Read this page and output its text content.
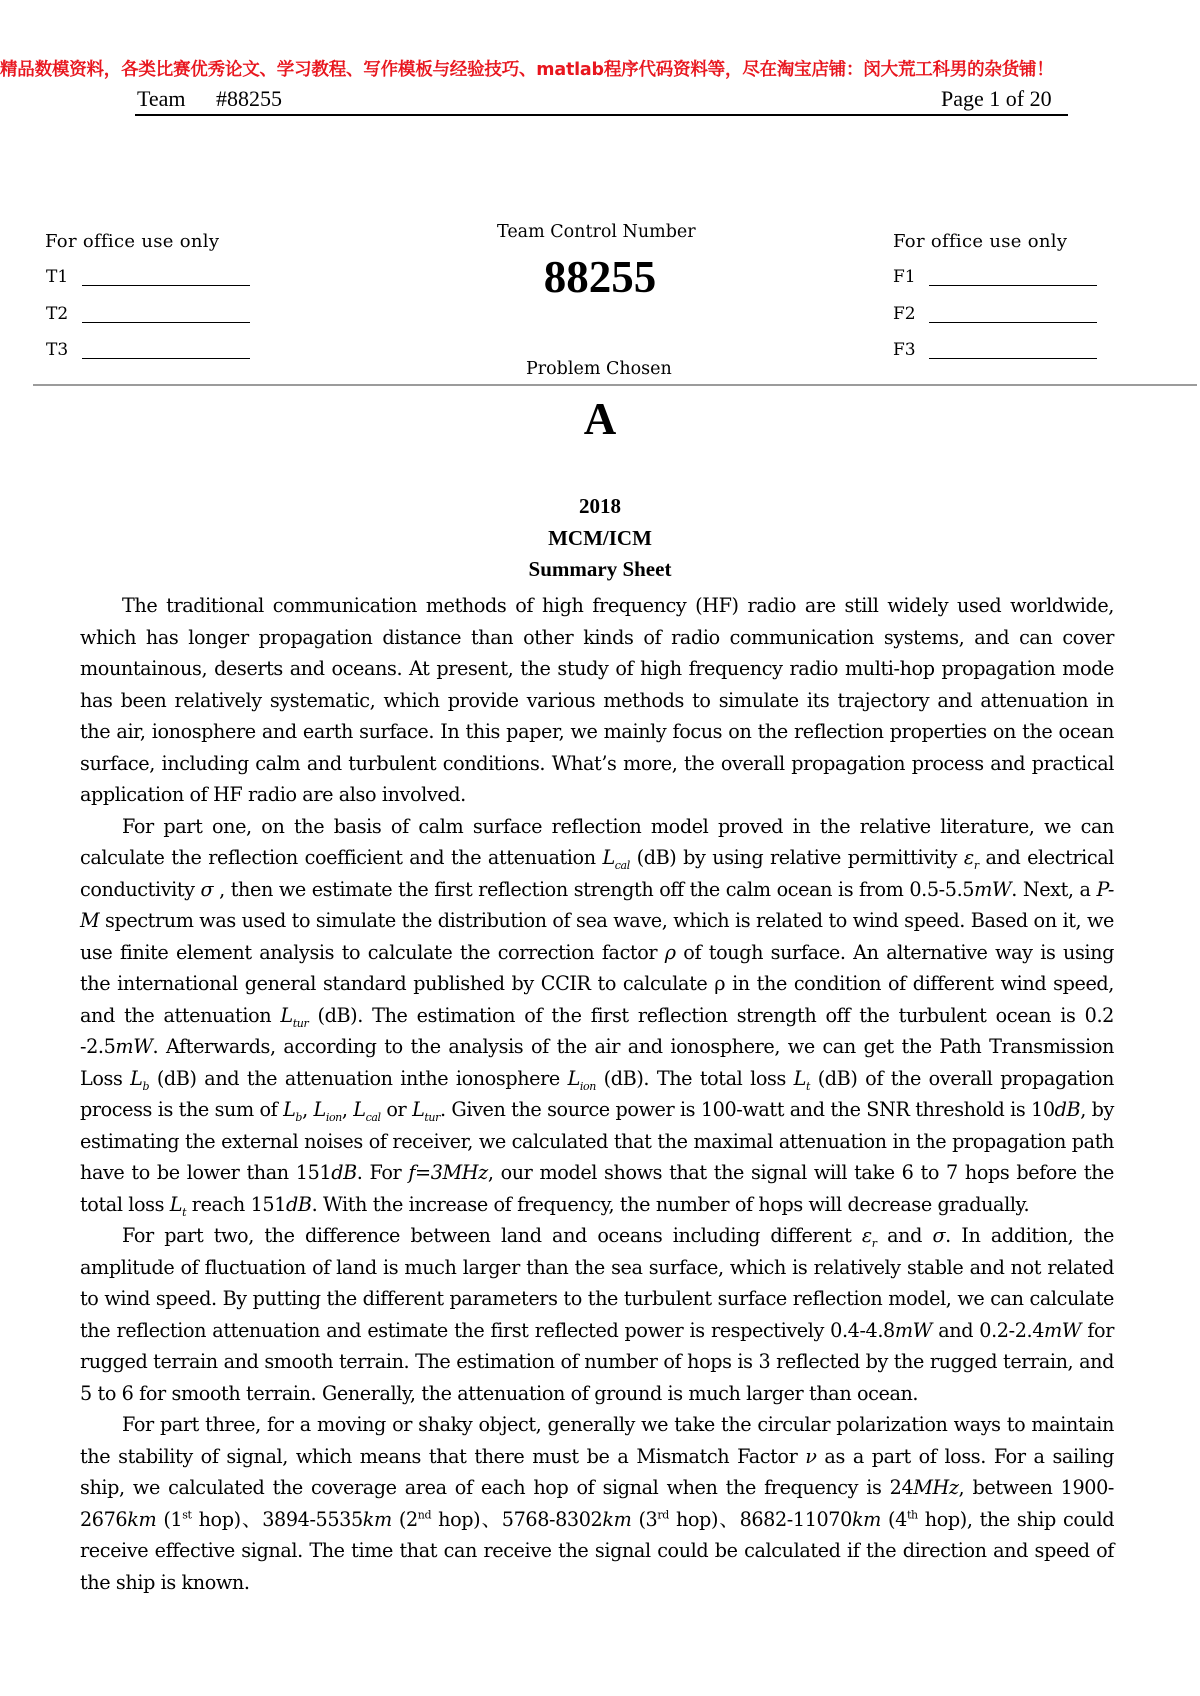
精品数模资料，各类比赛优秀论文、学习教程、写作模板与经验技巧、matlab程序代码资料等，尽在淘宝店铺：闵大荒工科男的杂货铺！
Team #88255	Page 1 of 20
For office use only
T1
T2
T3
Team Control Number
88255
Problem Chosen
For office use only
F1
F2
F3
A
2018
MCM/ICM
Summary Sheet

The traditional communication methods of high frequency (HF) radio are still widely used worldwide, which has longer propagation distance than other kinds of radio communication systems, and can cover mountainous, deserts and oceans. At present, the study of high frequency radio multi-hop propagation mode has been relatively systematic, which provide various methods to simulate its trajectory and attenuation in the air, ionosphere and earth surface. In this paper, we mainly focus on the reflection properties on the ocean surface, including calm and turbulent conditions. What’s more, the overall propagation process and practical application of HF radio are also involved.

For part one, on the basis of calm surface reflection model proved in the relative literature, we can calculate the reflection coefficient and the attenuation $L_{cal}$ (dB) by using relative permittivity $\varepsilon_r$ and electrical conductivity σ , then we estimate the first reflection strength off the calm ocean is from 0.5-5.5mW. Next, a P-M spectrum was used to simulate the distribution of sea wave, which is related to wind speed. Based on it, we use finite element analysis to calculate the correction factor ρ of tough surface. An alternative way is using the international general standard published by CCIR to calculate ρ in the condition of different wind speed, and the attenuation $L_{tur}$ (dB). The estimation of the first reflection strength off the turbulent ocean is 0.2 -2.5mW. Afterwards, according to the analysis of the air and ionosphere, we can get the Path Transmission Loss $L_b$ (dB) and the attenuation inthe ionosphere $L_{ion}$ (dB). The total loss $L_t$ (dB) of the overall propagation process is the sum of $L_b$, $L_{ion}$, $L_{cal}$ or $L_{tur}$. Given the source power is 100-watt and the SNR threshold is 10dB, by estimating the external noises of receiver, we calculated that the maximal attenuation in the propagation path have to be lower than 151dB. For f=3MHz, our model shows that the signal will take 6 to 7 hops before the total loss $L_t$ reach 151dB. With the increase of frequency, the number of hops will decrease gradually.

For part two, the difference between land and oceans including different $\varepsilon_r$ and σ. In addition, the amplitude of fluctuation of land is much larger than the sea surface, which is relatively stable and not related to wind speed. By putting the different parameters to the turbulent surface reflection model, we can calculate the reflection attenuation and estimate the first reflected power is respectively 0.4-4.8mW and 0.2-2.4mW for rugged terrain and smooth terrain. The estimation of number of hops is 3 reflected by the rugged terrain, and 5 to 6 for smooth terrain. Generally, the attenuation of ground is much larger than ocean.

For part three, for a moving or shaky object, generally we take the circular polarization ways to maintain the stability of signal, which means that there must be a Mismatch Factor ν as a part of loss. For a sailing ship, we calculated the coverage area of each hop of signal when the frequency is 24MHz, between 1900-2676km (1st hop)、3894-5535km (2nd hop)、5768-8302km (3rd hop)、8682-11070km (4th hop), the ship could receive effective signal. The time that can receive the signal could be calculated if the direction and speed of the ship is known.
